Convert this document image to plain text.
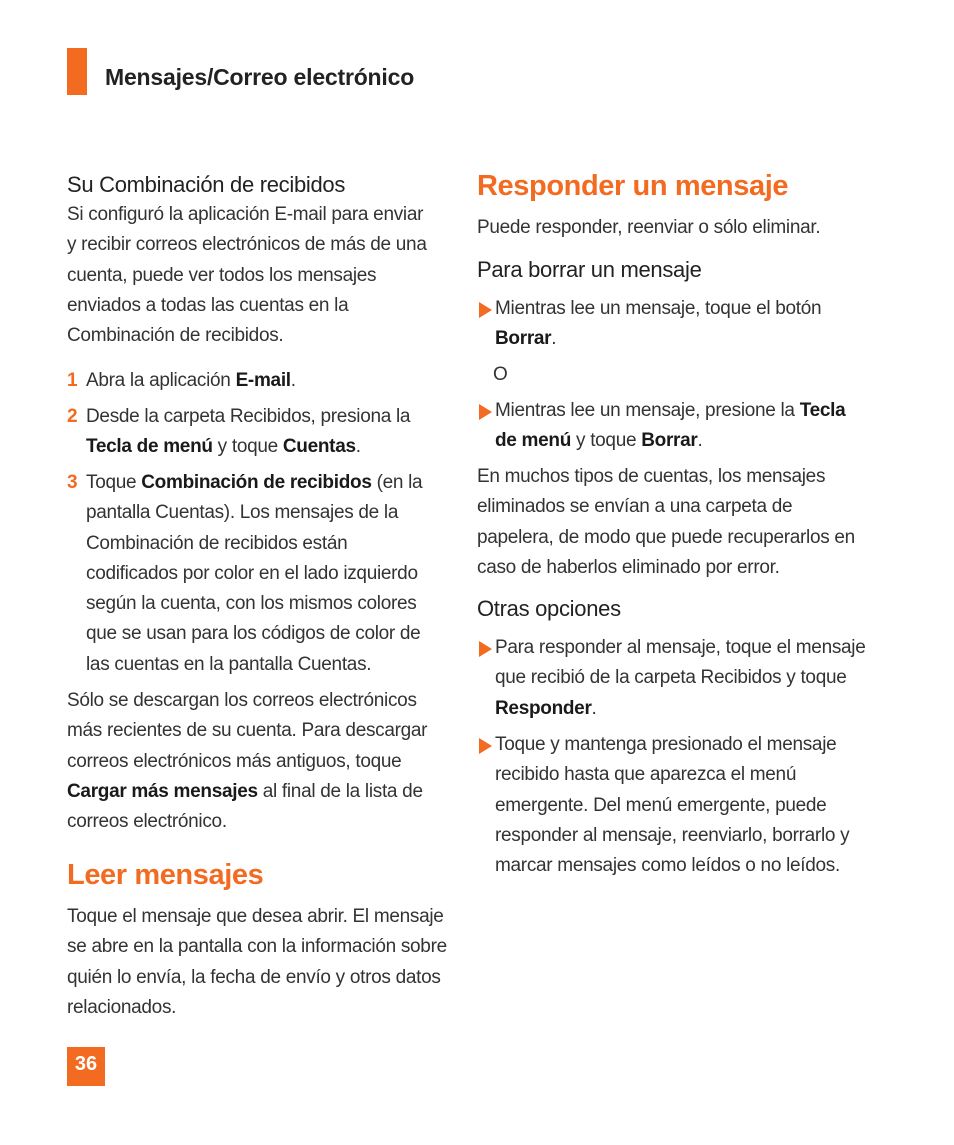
Mensajes/Correo electrónico
Su Combinación de recibidos
Si configuró la aplicación E-mail para enviar y recibir correos electrónicos de más de una cuenta, puede ver todos los mensajes enviados a todas las cuentas en la Combinación de recibidos.
1 Abra la aplicación E-mail.
2 Desde la carpeta Recibidos, presiona la Tecla de menú y toque Cuentas.
3 Toque Combinación de recibidos (en la pantalla Cuentas). Los mensajes de la Combinación de recibidos están codificados por color en el lado izquierdo según la cuenta, con los mismos colores que se usan para los códigos de color de las cuentas en la pantalla Cuentas.
Sólo se descargan los correos electrónicos más recientes de su cuenta. Para descargar correos electrónicos más antiguos, toque Cargar más mensajes al final de la lista de correos electrónico.
Leer mensajes
Toque el mensaje que desea abrir. El mensaje se abre en la pantalla con la información sobre quién lo envía, la fecha de envío y otros datos relacionados.
Responder un mensaje
Puede responder, reenviar o sólo eliminar.
Para borrar un mensaje
Mientras lee un mensaje, toque el botón Borrar.
O
Mientras lee un mensaje, presione la Tecla de menú y toque Borrar.
En muchos tipos de cuentas, los mensajes eliminados se envían a una carpeta de papelera, de modo que puede recuperarlos en caso de haberlos eliminado por error.
Otras opciones
Para responder al mensaje, toque el mensaje que recibió de la carpeta Recibidos y toque Responder.
Toque y mantenga presionado el mensaje recibido hasta que aparezca el menú emergente. Del menú emergente, puede responder al mensaje, reenviarlo, borrarlo y marcar mensajes como leídos o no leídos.
36
